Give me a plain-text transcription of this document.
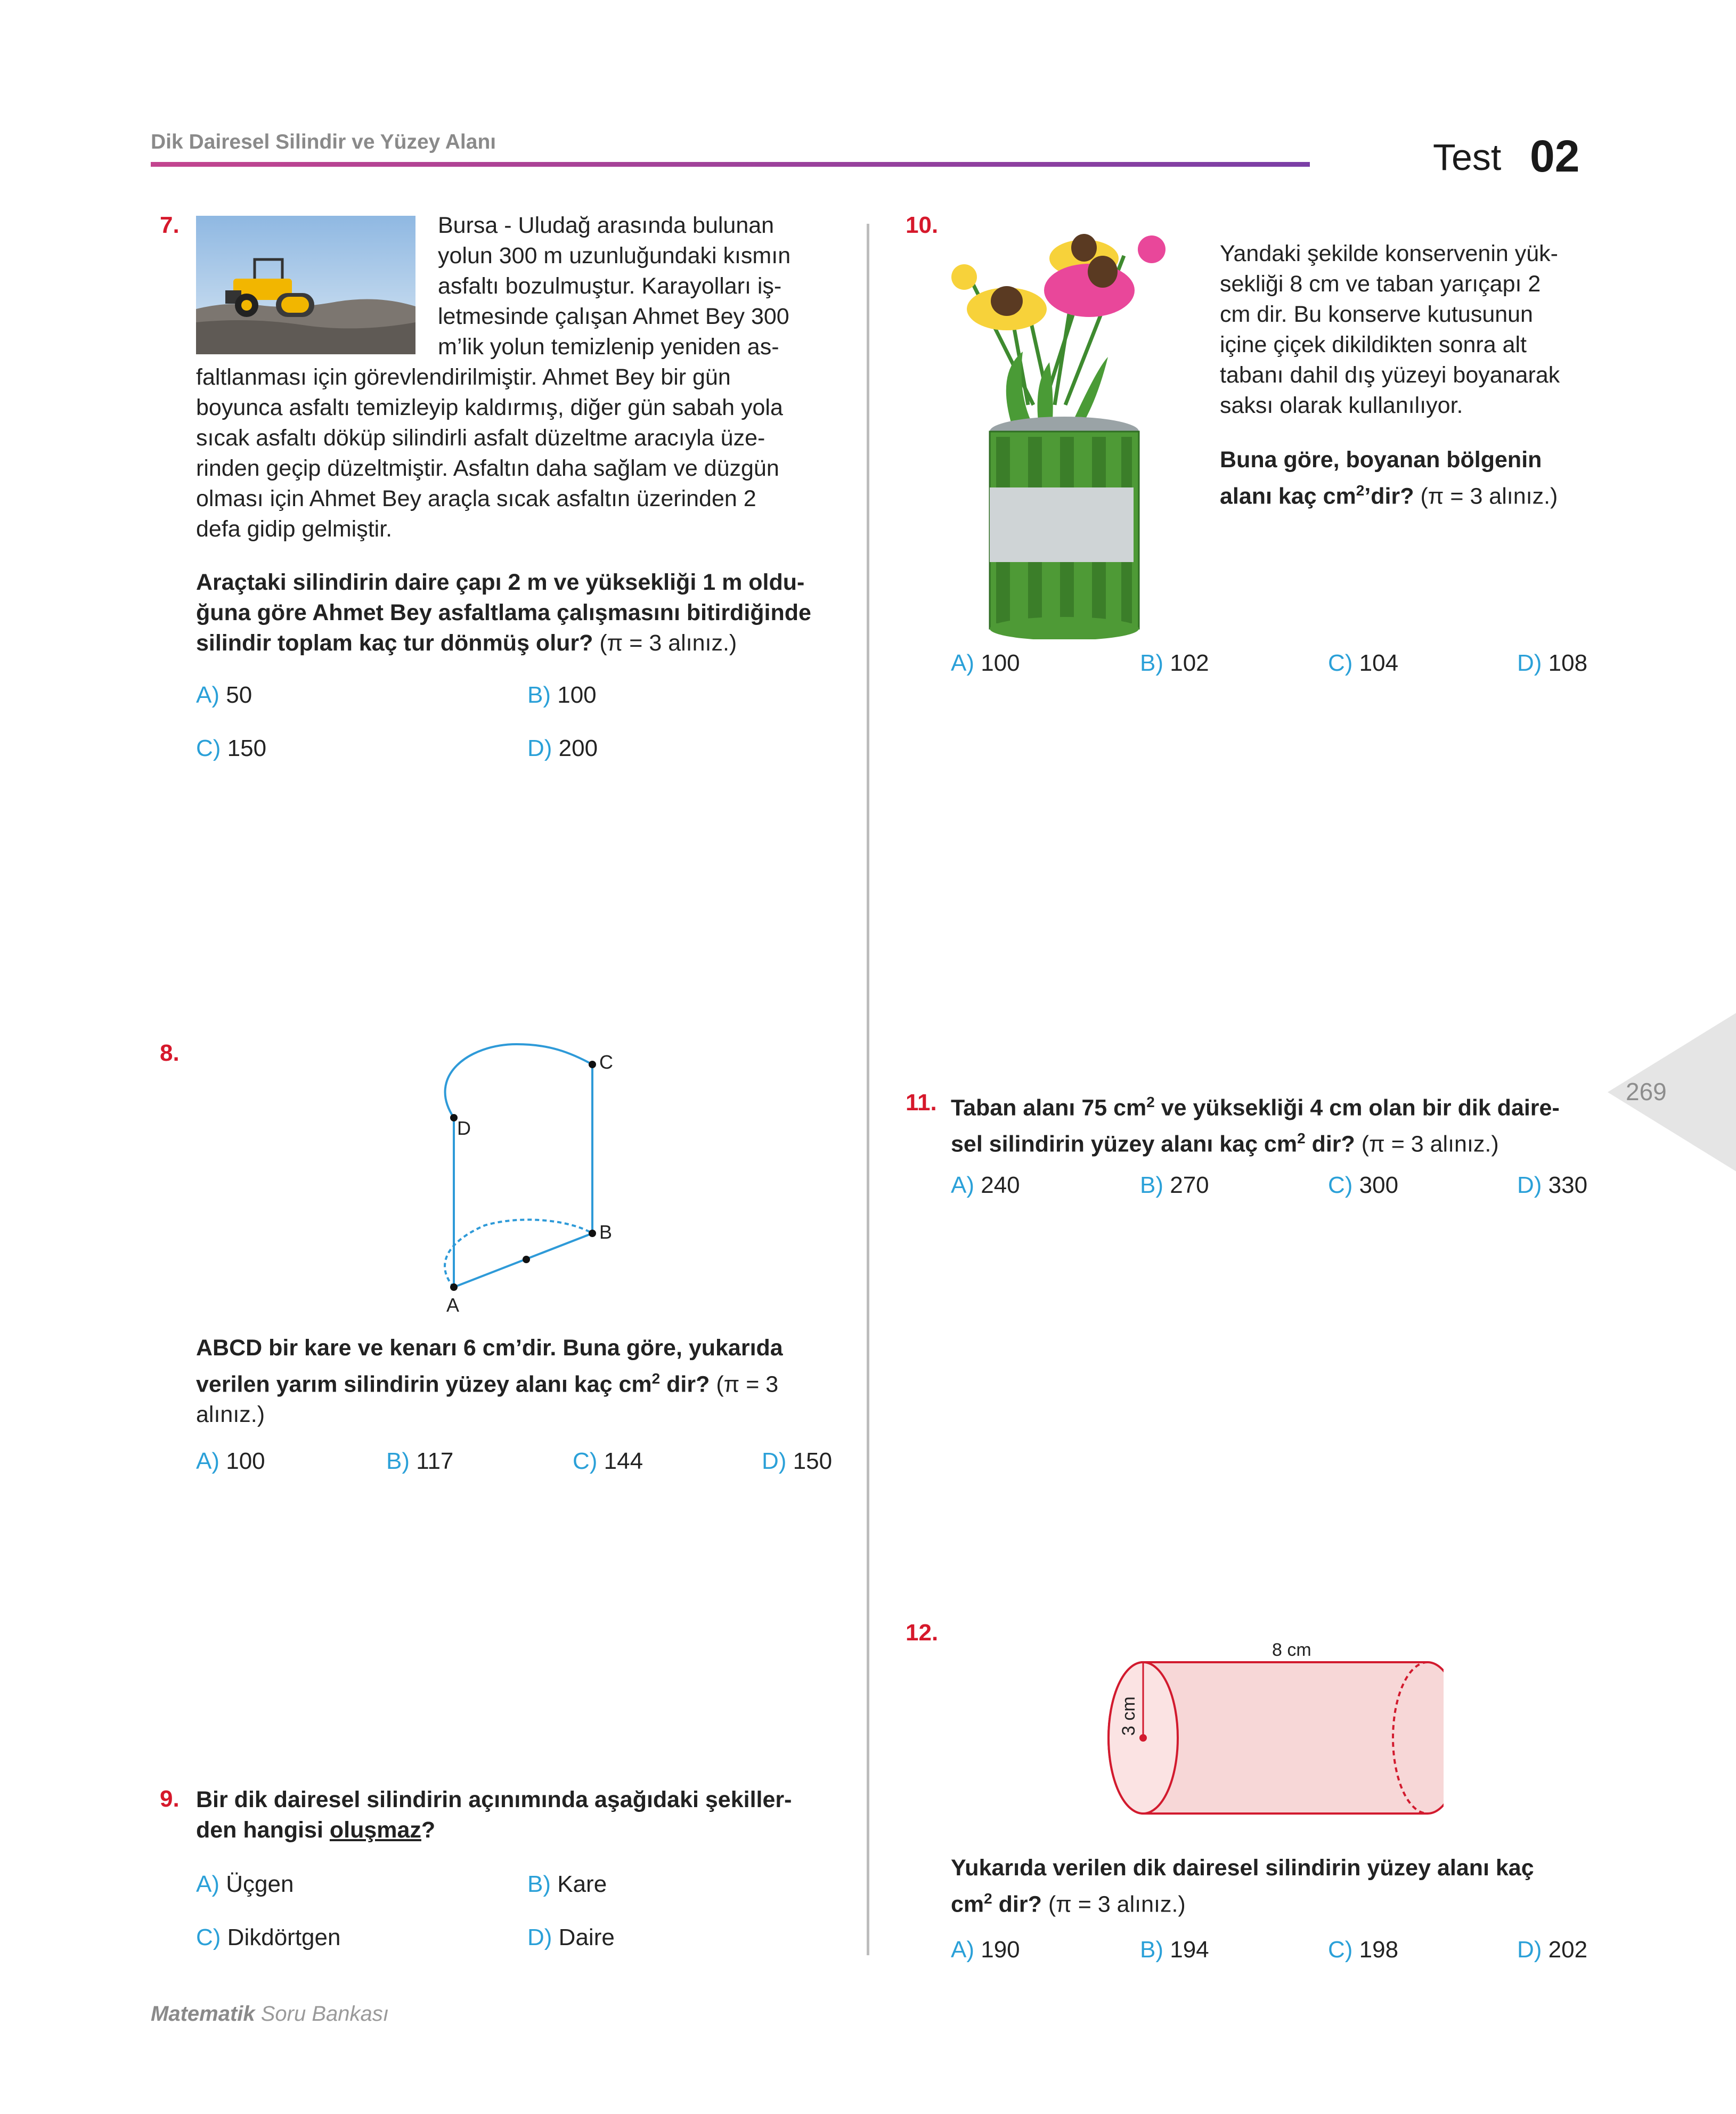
Dik Dairesel Silindir ve Yüzey Alanı	Test 02
7.	Bursa - Uludağ arasında bulunan
yolun 300 m uzunluğundaki kısmın
asfaltı bozulmuştur. Karayolları iş-
letmesinde çalışan Ahmet Bey 300
m’lik yolun temizlenip yeniden as-
faltlanması için görevlendirilmiştir. Ahmet Bey bir gün
boyunca asfaltı temizleyip kaldırmış, diğer gün sabah yola
sıcak asfaltı döküp silindirli asfalt düzeltme aracıyla üze-
rinden geçip düzeltmiştir. Asfaltın daha sağlam ve düzgün
olması için Ahmet Bey araçla sıcak asfaltın üzerinden 2
defa gidip gelmiştir.
Araçtaki silindirin daire çapı 2 m ve yüksekliği 1 m oldu-
ğuna göre Ahmet Bey asfaltlama çalışmasını bitirdiğinde
silindir toplam kaç tur dönmüş olur? (π = 3 alınız.)
A) 50	B) 100
C) 150	D) 200
8.	C
D
B
A
ABCD bir kare ve kenarı 6 cm’dir. Buna göre, yukarıda
verilen yarım silindirin yüzey alanı kaç $cm^2$ dir? (π = 3
alınız.)
A) 100	B) 117	C) 144	D) 150
9. Bir dik dairesel silindirin açınımında aşağıdaki şekiller-
den hangisi oluşmaz?
A) Üçgen	B) Kare
C) Dikdörtgen	D) Daire
10.
Yandaki şekilde konservenin yük-
sekliği 8 cm ve taban yarıçapı 2
cm dir. Bu konserve kutusunun
içine çiçek dikildikten sonra alt
tabanı dahil dış yüzeyi boyanarak
saksı olarak kullanılıyor.
Buna göre, boyanan bölgenin
alanı kaç $cm^2’dir$? (π = 3 alınız.)
A) 100	B) 102	C) 104	D) 108
269
11. Taban alanı 75 $cm^2$ ve yüksekliği 4 cm olan bir dik daire-
sel silindirin yüzey alanı kaç $cm^2$ dir? (π = 3 alınız.)
A) 240	B) 270	C) 300	D) 330
12.
8 cm
3 cm
Yukarıda verilen dik dairesel silindirin yüzey alanı kaç
$cm^2$ dir? (π = 3 alınız.)
A) 190	B) 194	C) 198	D) 202
Matematik Soru Bankası
